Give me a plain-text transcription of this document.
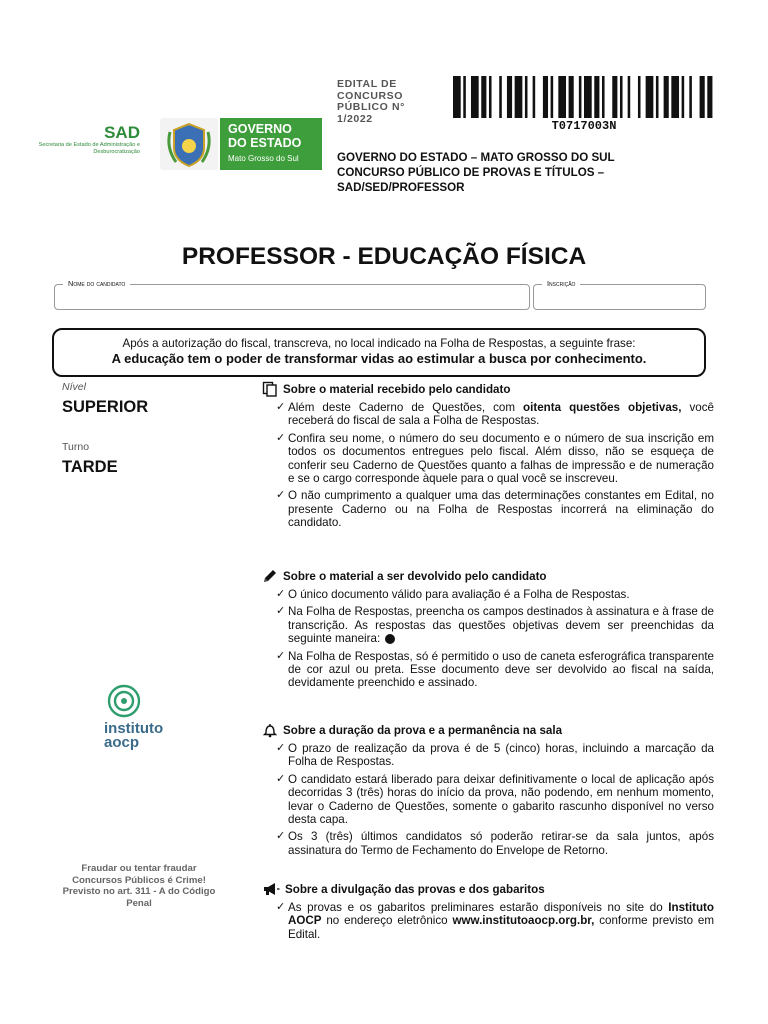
SAD
Secretaria de Estado de Administração e Desburocratização
GOVERNO
DO ESTADO
Mato Grosso do Sul
EDITAL DE
CONCURSO
PÚBLICO N°
1/2022
T0717003N
GOVERNO DO ESTADO – MATO GROSSO DO SUL
CONCURSO PÚBLICO DE PROVAS E TÍTULOS –
SAD/SED/PROFESSOR
PROFESSOR - EDUCAÇÃO FÍSICA
Nome do candidato	Inscrição
Após a autorização do fiscal, transcreva, no local indicado na Folha de Respostas, a seguinte frase:
A educação tem o poder de transformar vidas ao estimular a busca por conhecimento.
Nível
SUPERIOR
Turno
TARDE
instituto
aocp
Fraudar ou tentar fraudar Concursos Públicos é Crime! Previsto no art. 311 - A do Código Penal
Sobre o material recebido pelo candidato
✓ Além deste Caderno de Questões, com oitenta questões objetivas, você receberá do fiscal de sala a Folha de Respostas.
✓ Confira seu nome, o número do seu documento e o número de sua inscrição em todos os documentos entregues pelo fiscal. Além disso, não se esqueça de conferir seu Caderno de Questões quanto a falhas de impressão e de numeração e se o cargo corresponde àquele para o qual você se inscreveu.
✓ O não cumprimento a qualquer uma das determinações constantes em Edital, no presente Caderno ou na Folha de Respostas incorrerá na eliminação do candidato.
Sobre o material a ser devolvido pelo candidato
✓ O único documento válido para avaliação é a Folha de Respostas.
✓ Na Folha de Respostas, preencha os campos destinados à assinatura e à frase de transcrição. As respostas das questões objetivas devem ser preenchidas da seguinte maneira:
✓ Na Folha de Respostas, só é permitido o uso de caneta esferográfica transparente de cor azul ou preta. Esse documento deve ser devolvido ao fiscal na saída, devidamente preenchido e assinado.
Sobre a duração da prova e a permanência na sala
✓ O prazo de realização da prova é de 5 (cinco) horas, incluindo a marcação da Folha de Respostas.
✓ O candidato estará liberado para deixar definitivamente o local de aplicação após decorridas 3 (três) horas do início da prova, não podendo, em nenhum momento, levar o Caderno de Questões, somente o gabarito rascunho disponível no verso desta capa.
✓ Os 3 (três) últimos candidatos só poderão retirar-se da sala juntos, após assinatura do Termo de Fechamento do Envelope de Retorno.
Sobre a divulgação das provas e dos gabaritos
✓ As provas e os gabaritos preliminares estarão disponíveis no site do Instituto AOCP no endereço eletrônico www.institutoaocp.org.br, conforme previsto em Edital.
